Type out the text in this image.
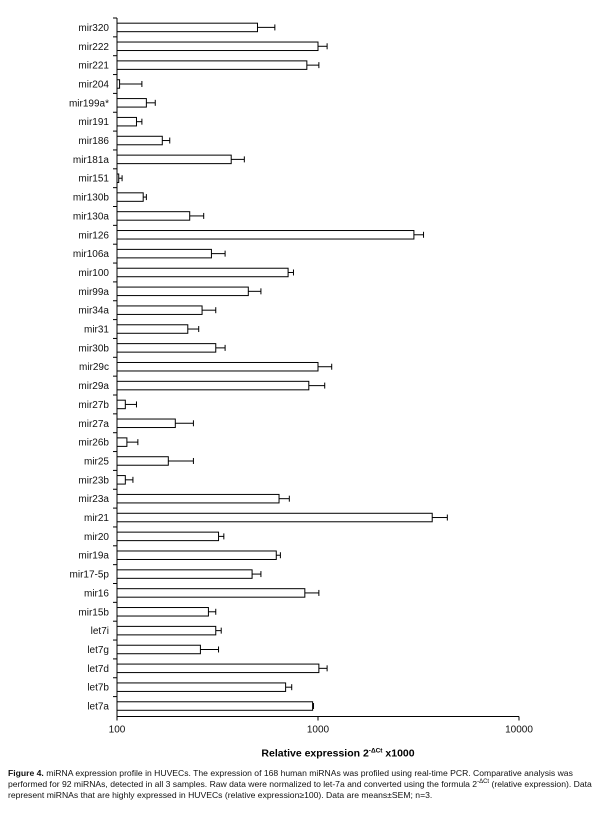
mir320
mir222
mir221
mir204
mir199a*
mir191
mir186
mir181a
mir151
mir130b
mir130a
mir126
mir106a
mir100
mir99a
mir34a
mir31
mir30b
mir29c
mir29a
mir27b
mir27a
mir26b
mir25
mir23b
mir23a
mir21
mir20
mir19a
mir17-5p
mir16
mir15b
let7i
let7g
let7d
let7b
let7a
100	1000	10000
Relative expression $2^{-\Delta Ct}$ x1000
Figure 4. miRNA expression profile in HUVECs. The expression of 168 human miRNAs was profiled using real-time PCR. Comparative analysis was performed for 92 miRNAs, detected in all 3 samples. Raw data were normalized to let-7a and converted using the formula $2^{-\Delta Ct}$ (relative expression). Data represent miRNAs that are highly expressed in HUVECs (relative expression≥100). Data are means±SEM; n=3.
